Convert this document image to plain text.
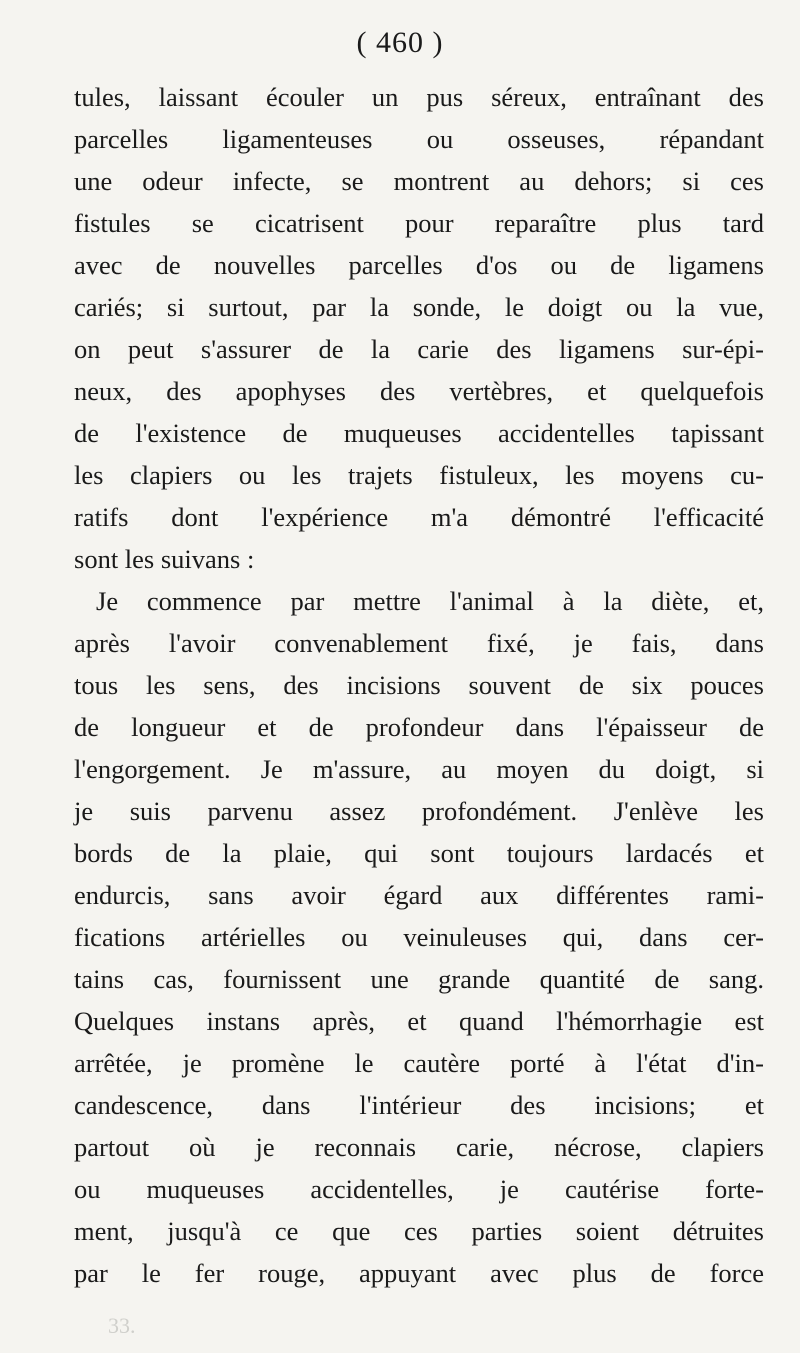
( 460 )
tules, laissant écouler un pus séreux, entraînant des
parcelles ligamenteuses ou osseuses, répandant
une odeur infecte, se montrent au dehors; si ces
fistules se cicatrisent pour reparaître plus tard
avec de nouvelles parcelles d'os ou de ligamens
cariés; si surtout, par la sonde, le doigt ou la vue,
on peut s'assurer de la carie des ligamens sur-épi-
neux, des apophyses des vertèbres, et quelquefois
de l'existence de muqueuses accidentelles tapissant
les clapiers ou les trajets fistuleux, les moyens cu-
ratifs dont l'expérience m'a démontré l'efficacité
sont les suivans :
Je commence par mettre l'animal à la diète, et,
après l'avoir convenablement fixé, je fais, dans
tous les sens, des incisions souvent de six pouces
de longueur et de profondeur dans l'épaisseur de
l'engorgement. Je m'assure, au moyen du doigt, si
je suis parvenu assez profondément. J'enlève les
bords de la plaie, qui sont toujours lardacés et
endurcis, sans avoir égard aux différentes rami-
fications artérielles ou veinuleuses qui, dans cer-
tains cas, fournissent une grande quantité de sang.
Quelques instans après, et quand l'hémorrhagie est
arrêtée, je promène le cautère porté à l'état d'in-
candescence, dans l'intérieur des incisions; et
partout où je reconnais carie, nécrose, clapiers
ou muqueuses accidentelles, je cautérise forte-
ment, jusqu'à ce que ces parties soient détruites
par le fer rouge, appuyant avec plus de force
33.
